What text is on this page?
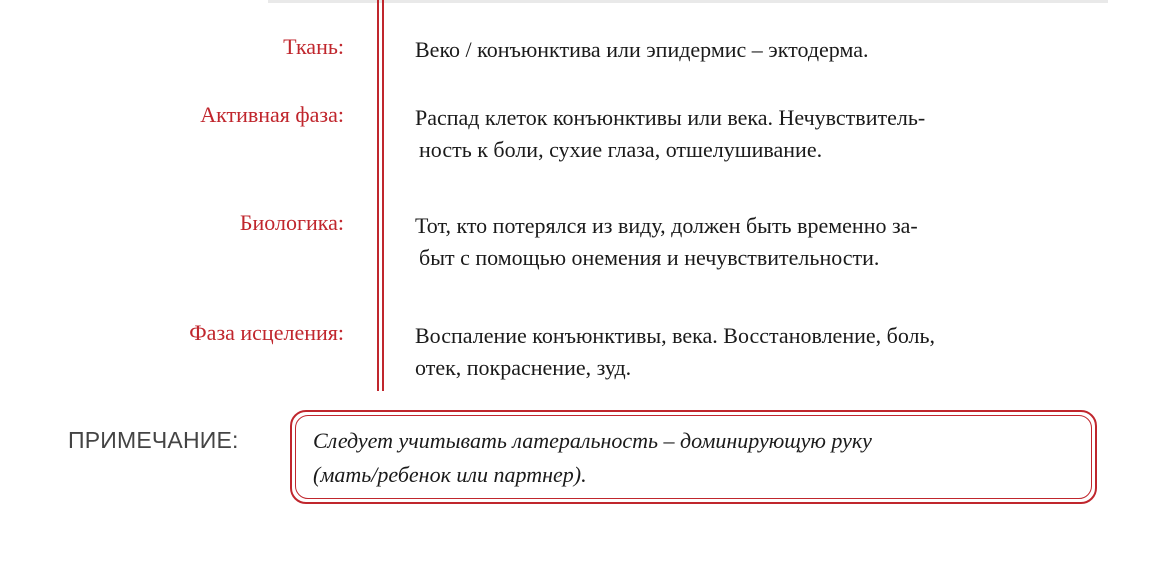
Ткань:	Веко / конъюнктива или эпидермис – эктодерма.
Активная фаза:	Распад клеток конъюнктивы или века. Нечувствитель-
ность к боли, сухие глаза, отшелушивание.
Биологика:	Тот, кто потерялся из виду, должен быть временно за-
быт с помощью онемения и нечувствительности.
Фаза исцеления:	Воспаление конъюнктивы, века. Восстановление, боль,
отек, покраснение, зуд.
ПРИМЕЧАНИЕ:	Следует учитывать латеральность – доминирующую руку
(мать/ребенок или партнер).
